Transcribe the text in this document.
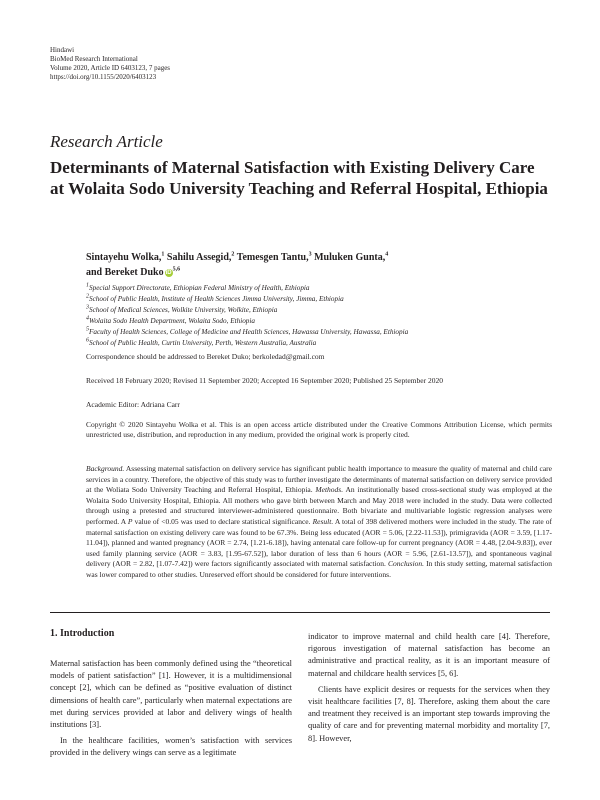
Hindawi
BioMed Research International
Volume 2020, Article ID 6403123, 7 pages
https://doi.org/10.1155/2020/6403123
Research Article
Determinants of Maternal Satisfaction with Existing Delivery Care at Wolaita Sodo University Teaching and Referral Hospital, Ethiopia
Sintayehu Wolka,$^1$ Sahilu Assegid,$^2$ Temesgen Tantu,$^3$ Muluken Gunta,$^4$
and Bereket Duko iD$^{5,6}$
$^1$Special Support Directorate, Ethiopian Federal Ministry of Health, Ethiopia
$^2$School of Public Health, Institute of Health Sciences Jimma University, Jimma, Ethiopia
$^3$School of Medical Sciences, Wolkite University, Wolkite, Ethiopia
$^4$Wolaita Sodo Health Department, Wolaita Sodo, Ethiopia
$^5$Faculty of Health Sciences, College of Medicine and Health Sciences, Hawassa University, Hawassa, Ethiopia
$^6$School of Public Health, Curtin University, Perth, Western Australia, Australia
Correspondence should be addressed to Bereket Duko; berkoledad@gmail.com
Received 18 February 2020; Revised 11 September 2020; Accepted 16 September 2020; Published 25 September 2020
Academic Editor: Adriana Carr
Copyright © 2020 Sintayehu Wolka et al. This is an open access article distributed under the Creative Commons Attribution License, which permits unrestricted use, distribution, and reproduction in any medium, provided the original work is properly cited.
Background. Assessing maternal satisfaction on delivery service has significant public health importance to measure the quality of maternal and child care services in a country. Therefore, the objective of this study was to further investigate the determinants of maternal satisfaction on delivery service provided at the Woliata Sodo University Teaching and Referral Hospital, Ethiopia. Methods. An institutionally based cross-sectional study was employed at the Wolaita Sodo University Hospital, Ethiopia. All mothers who gave birth between March and May 2018 were included in the study. Data were collected through using a pretested and structured interviewer-administered questionnaire. Both bivariate and multivariable logistic regression analyses were performed. A P value of <0.05 was used to declare statistical significance. Result. A total of 398 delivered mothers were included in the study. The rate of maternal satisfaction on existing delivery care was found to be 67.3%. Being less educated (AOR = 5.06, [2.22-11.53]), primigravida (AOR = 3.59, [1.17-11.04]), planned and wanted pregnancy (AOR = 2.74, [1.21-6.18]), having antenatal care follow-up for current pregnancy (AOR = 4.48, [2.04-9.83]), ever used family planning service (AOR = 3.83, [1.95-67.52]), labor duration of less than 6 hours (AOR = 5.96, [2.61-13.57]), and spontaneous vaginal delivery (AOR = 2.82, [1.07-7.42]) were factors significantly associated with maternal satisfaction. Conclusion. In this study setting, maternal satisfaction was lower compared to other studies. Unreserved effort should be considered for future interventions.
1. Introduction

Maternal satisfaction has been commonly defined using the “theoretical models of patient satisfaction” [1]. However, it is a multidimensional concept [2], which can be defined as “positive evaluation of distinct dimensions of health care”, particularly when maternal expectations are met during services provided at labor and delivery wings of health institutions [3].

In the healthcare facilities, women’s satisfaction with services provided in the delivery wings can serve as a legitimate

indicator to improve maternal and child health care [4]. Therefore, rigorous investigation of maternal satisfaction has become an administrative and practical reality, as it is an important measure of maternal and childcare health services [5, 6].

Clients have explicit desires or requests for the services when they visit healthcare facilities [7, 8]. Therefore, asking them about the care and treatment they received is an important step towards improving the quality of care and for preventing maternal morbidity and mortality [7, 8]. However,
